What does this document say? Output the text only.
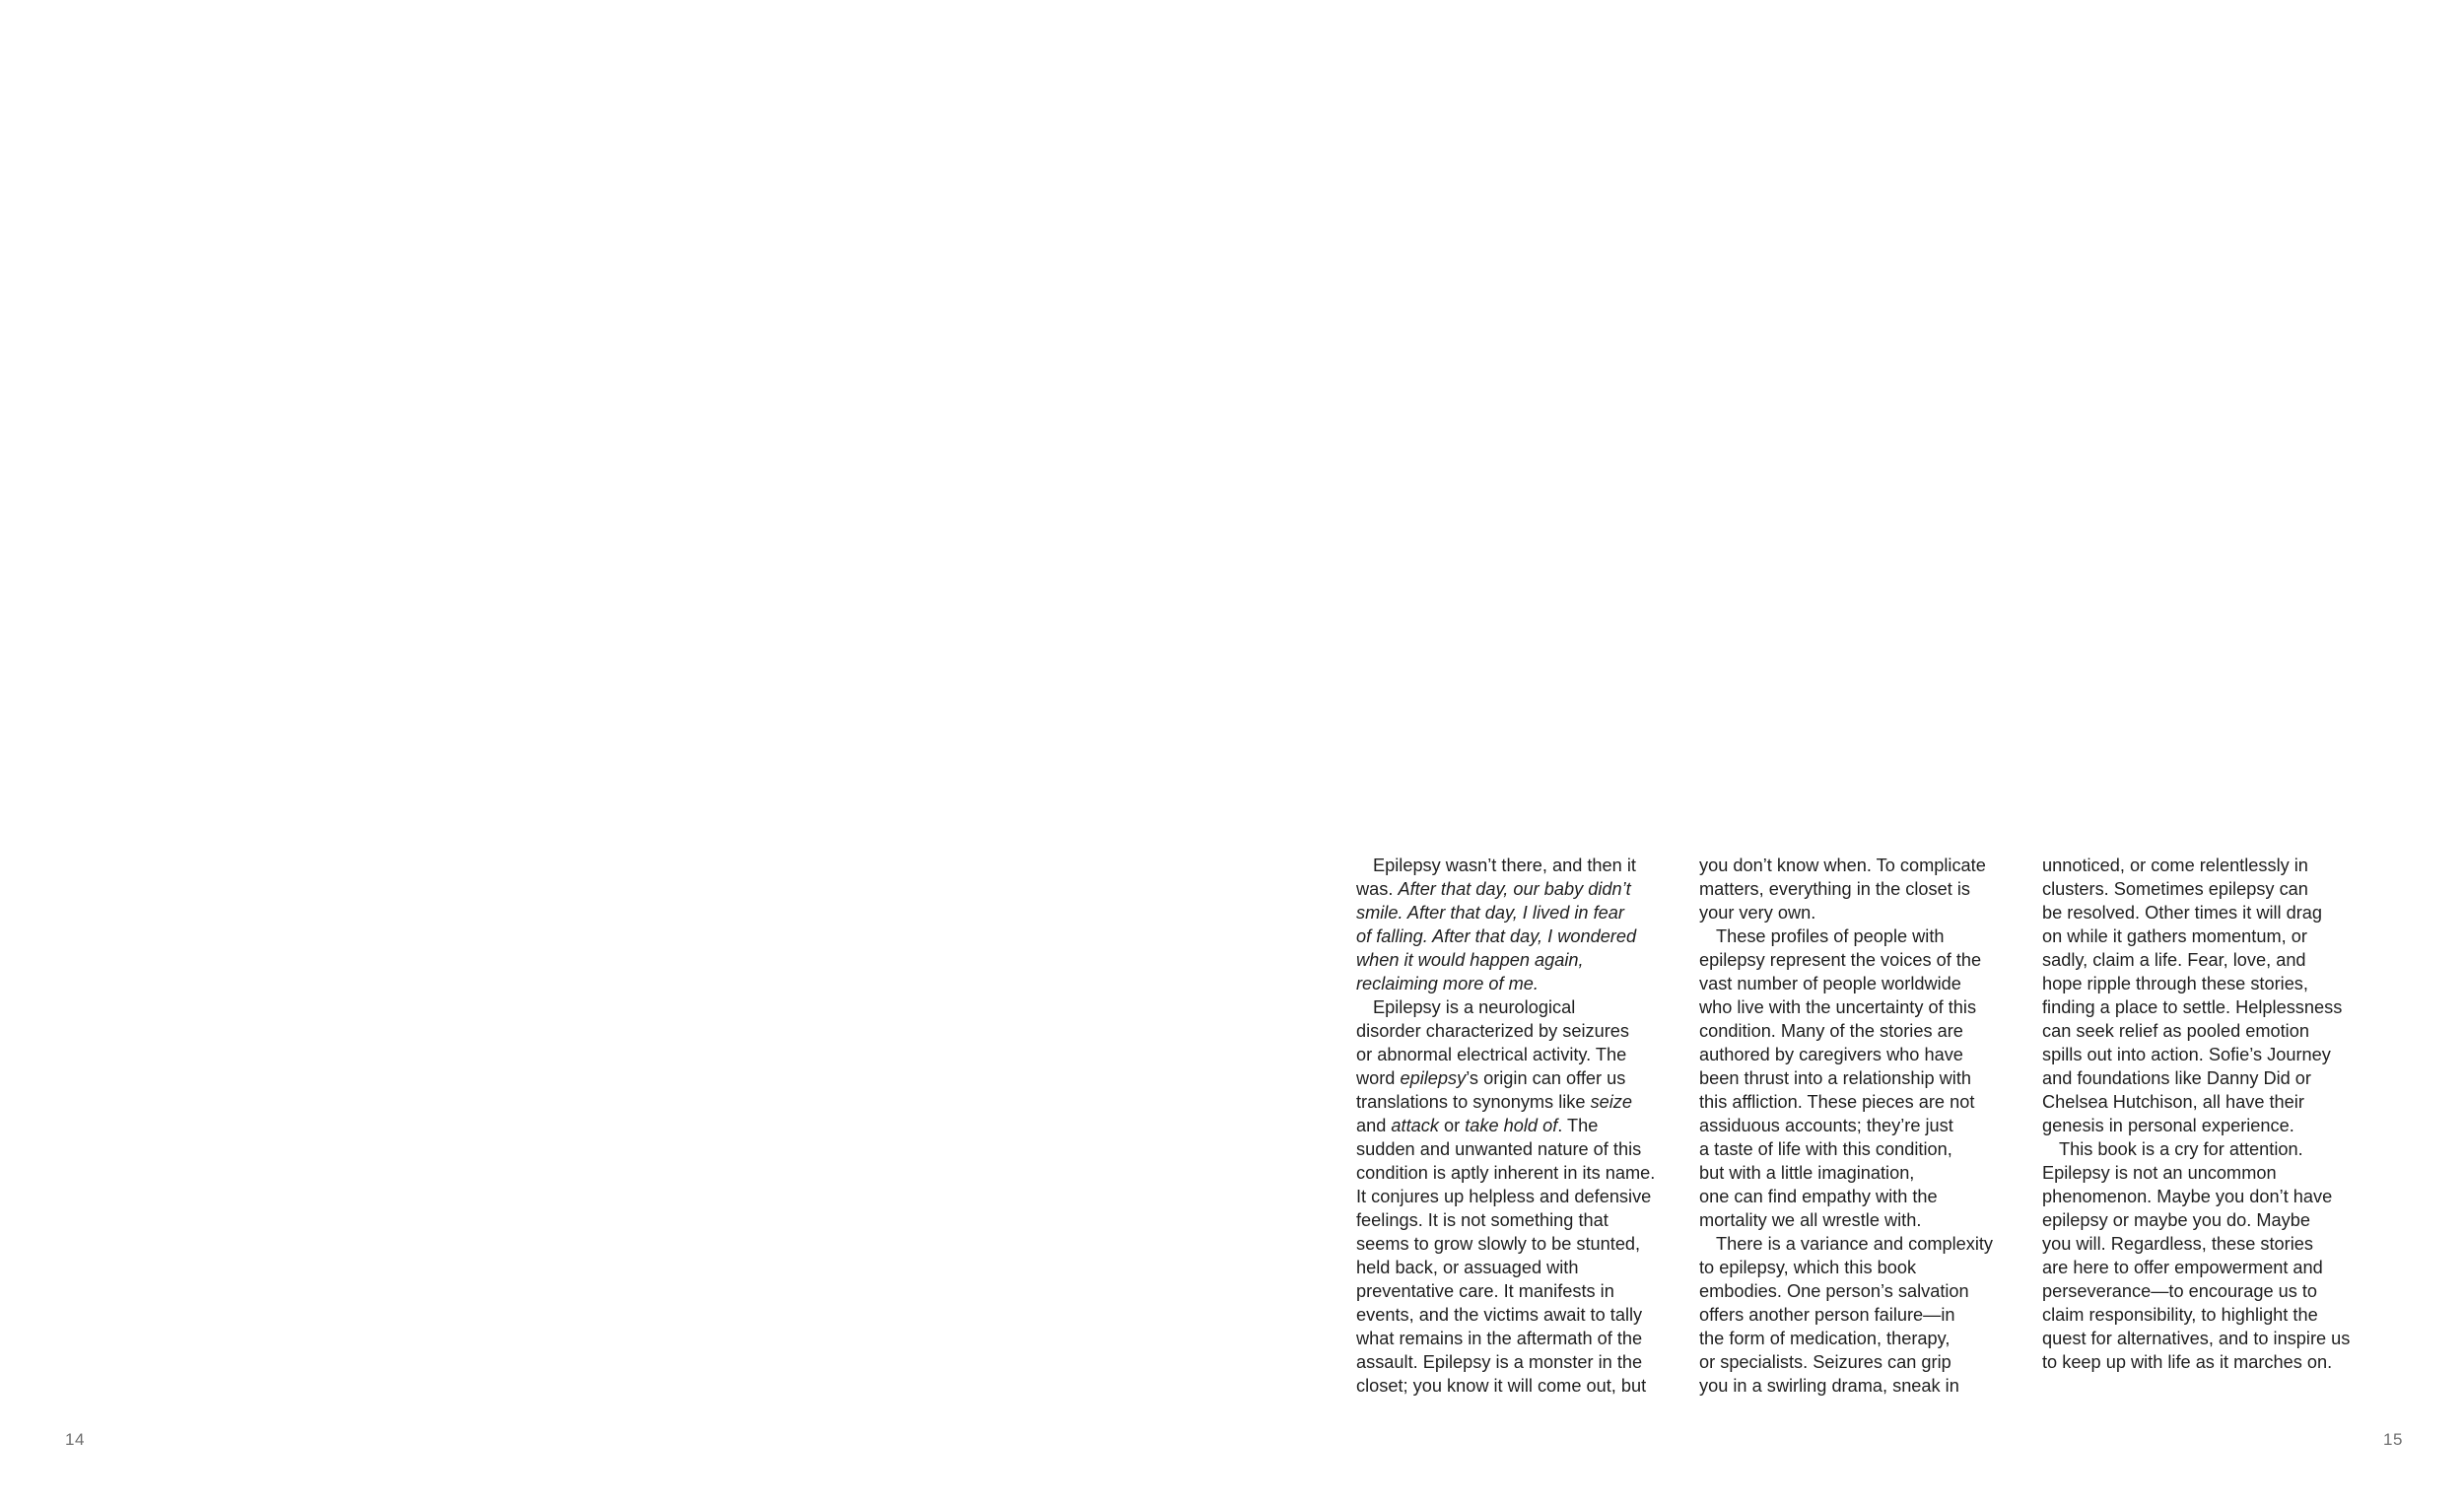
Epilepsy wasn’t there, and then it
was. After that day, our baby didn’t
smile. After that day, I lived in fear
of falling. After that day, I wondered
when it would happen again,
reclaiming more of me.
Epilepsy is a neurological
disorder characterized by seizures
or abnormal electrical activity. The
word epilepsy’s origin can offer us
translations to synonyms like seize
and attack or take hold of. The
sudden and unwanted nature of this
condition is aptly inherent in its name.
It conjures up helpless and defensive
feelings. It is not something that
seems to grow slowly to be stunted,
held back, or assuaged with
preventative care. It manifests in
events, and the victims await to tally
what remains in the aftermath of the
assault. Epilepsy is a monster in the
closet; you know it will come out, but
you don’t know when. To complicate
matters, everything in the closet is
your very own.
These profiles of people with
epilepsy represent the voices of the
vast number of people worldwide
who live with the uncertainty of this
condition. Many of the stories are
authored by caregivers who have
been thrust into a relationship with
this affliction. These pieces are not
assiduous accounts; they’re just
a taste of life with this condition,
but with a little imagination,
one can find empathy with the
mortality we all wrestle with.
There is a variance and complexity
to epilepsy, which this book
embodies. One person’s salvation
offers another person failure—in
the form of medication, therapy,
or specialists. Seizures can grip
you in a swirling drama, sneak in
unnoticed, or come relentlessly in
clusters. Sometimes epilepsy can
be resolved. Other times it will drag
on while it gathers momentum, or
sadly, claim a life. Fear, love, and
hope ripple through these stories,
finding a place to settle. Helplessness
can seek relief as pooled emotion
spills out into action. Sofie’s Journey
and foundations like Danny Did or
Chelsea Hutchison, all have their
genesis in personal experience.
This book is a cry for attention.
Epilepsy is not an uncommon
phenomenon. Maybe you don’t have
epilepsy or maybe you do. Maybe
you will. Regardless, these stories
are here to offer empowerment and
perseverance—to encourage us to
claim responsibility, to highlight the
quest for alternatives, and to inspire us
to keep up with life as it marches on.
14	15
